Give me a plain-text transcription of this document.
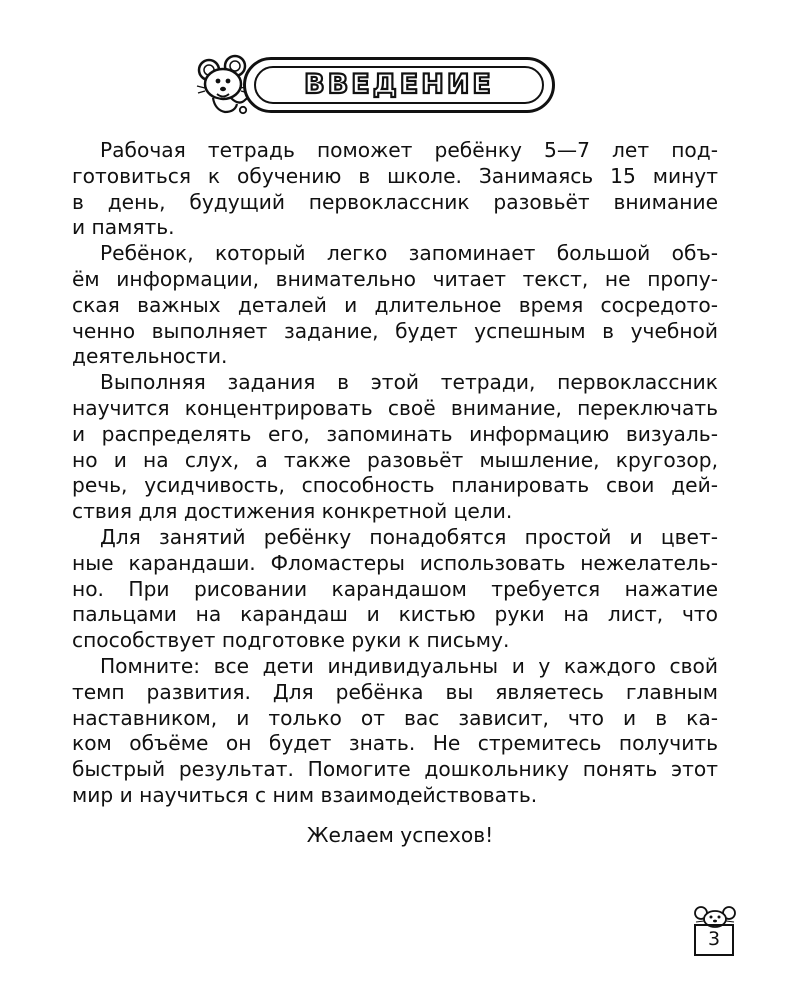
ВВЕДЕНИЕ

Рабочая тетрадь поможет ребёнку 5—7 лет под-
готовиться к обучению в школе. Занимаясь 15 минут
в день, будущий первоклассник разовьёт внимание
и память.

Ребёнок, который легко запоминает большой объ-
ём информации, внимательно читает текст, не пропу-
ская важных деталей и длительное время сосредото-
ченно выполняет задание, будет успешным в учебной
деятельности.

Выполняя задания в этой тетради, первоклассник
научится концентрировать своё внимание, переключать
и распределять его, запоминать информацию визуаль-
но и на слух, а также разовьёт мышление, кругозор,
речь, усидчивость, способность планировать свои дей-
ствия для достижения конкретной цели.

Для занятий ребёнку понадобятся простой и цвет-
ные карандаши. Фломастеры использовать нежелатель-
но. При рисовании карандашом требуется нажатие
пальцами на карандаш и кистью руки на лист, что
способствует подготовке руки к письму.

Помните: все дети индивидуальны и у каждого свой
темп развития. Для ребёнка вы являетесь главным
наставником, и только от вас зависит, что и в ка-
ком объёме он будет знать. Не стремитесь получить
быстрый результат. Помогите дошкольнику понять этот
мир и научиться с ним взаимодействовать.

Желаем успехов!
3
